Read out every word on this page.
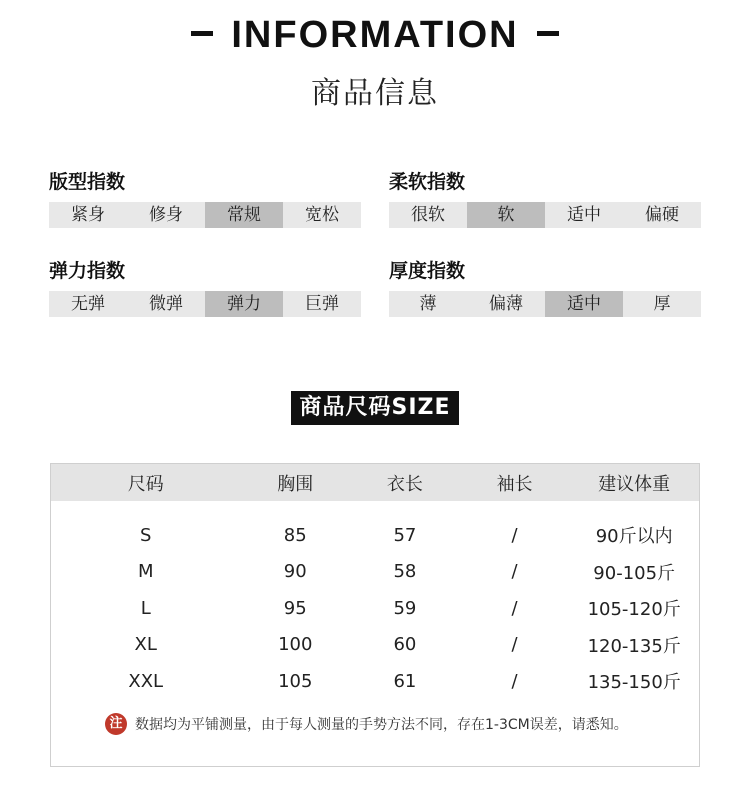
INFORMATION
商品信息
版型指数
紧身	修身	常规	宽松
柔软指数
很软	软	适中	偏硬
弹力指数
无弹	微弹	弹力	巨弹
厚度指数
薄	偏薄	适中	厚
商品尺码SIZE
尺码	胸围	衣长	袖长	建议体重
S	85	57	/	90斤以内
M	90	58	/	90-105斤
L	95	59	/	105-120斤
XL	100	60	/	120-135斤
XXL	105	61	/	135-150斤
注 数据均为平铺测量，由于每人测量的手势方法不同，存在1-3CM误差，请悉知。
